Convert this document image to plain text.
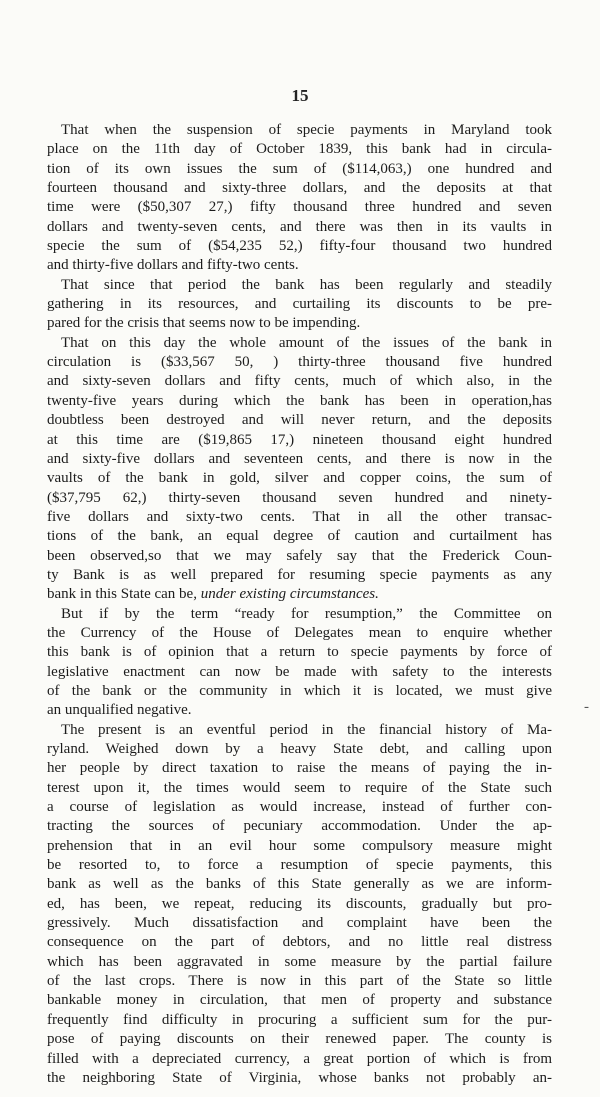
15
That when the suspension of specie payments in Maryland took
place on the 11th day of October 1839, this bank had in circula-
tion of its own issues the sum of ($114,063,) one hundred and
fourteen thousand and sixty-three dollars, and the deposits at that
time were ($50,307 27,) fifty thousand three hundred and seven
dollars and twenty-seven cents, and there was then in its vaults in
specie the sum of ($54,235 52,) fifty-four thousand two hundred
and thirty-five dollars and fifty-two cents.
That since that period the bank has been regularly and steadily
gathering in its resources, and curtailing its discounts to be pre-
pared for the crisis that seems now to be impending.
That on this day the whole amount of the issues of the bank in
circulation is ($33,567 50, ) thirty-three thousand five hundred
and sixty-seven dollars and fifty cents, much of which also, in the
twenty-five years during which the bank has been in operation,has
doubtless been destroyed and will never return, and the deposits
at this time are ($19,865 17,) nineteen thousand eight hundred
and sixty-five dollars and seventeen cents, and there is now in the
vaults of the bank in gold, silver and copper coins, the sum of
($37,795 62,) thirty-seven thousand seven hundred and ninety-
five dollars and sixty-two cents. That in all the other transac-
tions of the bank, an equal degree of caution and curtailment has
been observed,so that we may safely say that the Frederick Coun-
ty Bank is as well prepared for resuming specie payments as any
bank in this State can be, under existing circumstances.
But if by the term “ready for resumption,” the Committee on
the Currency of the House of Delegates mean to enquire whether
this bank is of opinion that a return to specie payments by force of
legislative enactment can now be made with safety to the interests
of the bank or the community in which it is located, we must give
an unqualified negative.
The present is an eventful period in the financial history of Ma-
ryland. Weighed down by a heavy State debt, and calling upon
her people by direct taxation to raise the means of paying the in-
terest upon it, the times would seem to require of the State such
a course of legislation as would increase, instead of further con-
tracting the sources of pecuniary accommodation. Under the ap-
prehension that in an evil hour some compulsory measure might
be resorted to, to force a resumption of specie payments, this
bank as well as the banks of this State generally as we are inform-
ed, has been, we repeat, reducing its discounts, gradually but pro-
gressively. Much dissatisfaction and complaint have been the
consequence on the part of debtors, and no little real distress
which has been aggravated in some measure by the partial failure
of the last crops. There is now in this part of the State so little
bankable money in circulation, that men of property and substance
frequently find difficulty in procuring a sufficient sum for the pur-
pose of paying discounts on their renewed paper. The county is
filled with a depreciated currency, a great portion of which is from
the neighboring State of Virginia, whose banks not probably an-
-
